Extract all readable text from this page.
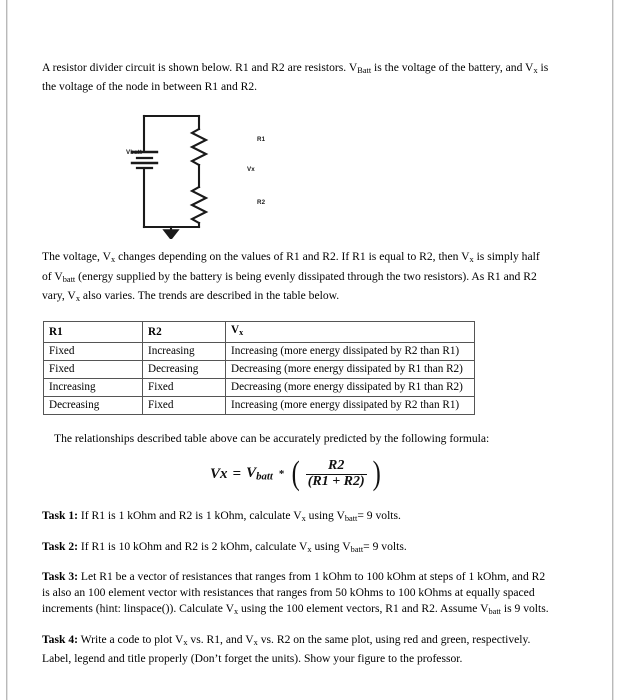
A resistor divider circuit is shown below. R1 and R2 are resistors. $V_{Batt}$ is the voltage of the battery, and $V_x$ is the voltage of the node in between R1 and R2.

Vbatt
R1
Vx
R2

The voltage, $V_x$ changes depending on the values of R1 and R2. If R1 is equal to R2, then $V_x$ is simply half of $V_{batt}$ (energy supplied by the battery is being evenly dissipated through the two resistors). As R1 and R2 vary, $V_x$ also varies. The trends are described in the table below.

R1	R2	$V_x$
Fixed	Increasing	Increasing (more energy dissipated by R2 than R1)
Fixed	Decreasing	Decreasing (more energy dissipated by R1 than R2)
Increasing	Fixed	Decreasing (more energy dissipated by R1 than R2)
Decreasing	Fixed	Increasing (more energy dissipated by R2 than R1)

The relationships described table above can be accurately predicted by the following formula:

$Vx = V_{batt}$ * ( $\frac{R2}{(R1 + R2)}$ )

Task 1: If R1 is 1 kOhm and R2 is 1 kOhm, calculate $V_x$ using $V_{batt}= 9$ volts.

Task 2: If R1 is 10 kOhm and R2 is 2 kOhm, calculate $V_x$ using $V_{batt}= 9$ volts.

Task 3: Let R1 be a vector of resistances that ranges from 1 kOhm to 100 kOhm at steps of 1 kOhm, and R2 is also an 100 element vector with resistances that ranges from 50 kOhms to 100 kOhms at equally spaced increments (hint: linspace()). Calculate $V_x$ using the 100 element vectors, R1 and R2. Assume $V_{batt}$ is 9 volts.

Task 4: Write a code to plot $V_x$ vs. R1, and $V_x$ vs. R2 on the same plot, using red and green, respectively. Label, legend and title properly (Don’t forget the units). Show your figure to the professor.
